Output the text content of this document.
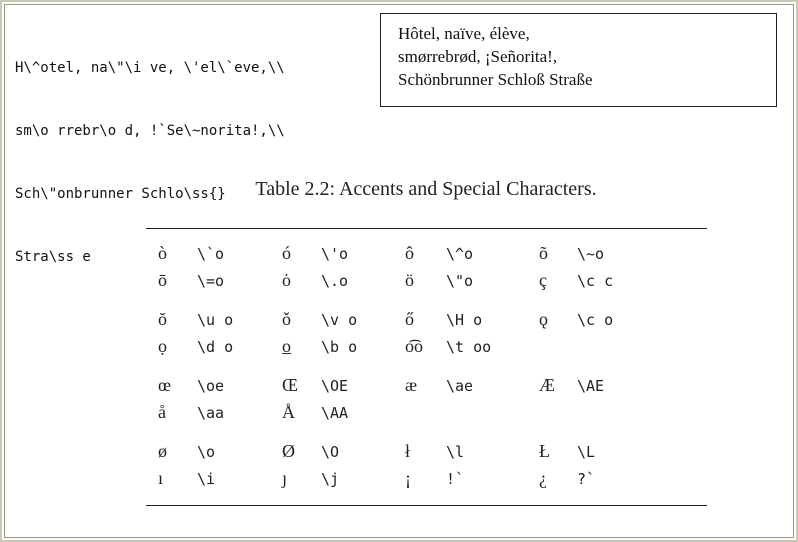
H\^otel, na\"\i ve, \'el\`eve,\\

sm\o rrebr\o d, !`Se\~norita!,\\

Sch\"onbrunner Schlo\ss{}

Stra\ss e

Hôtel, naïve, élève,
smørrebrød, ¡Señorita!,
Schönbrunner Schloß Straße
Table 2.2: Accents and Special Characters.
ò \`o	ó \'o	ô \^o	õ \~o
ō \=o	ȯ \.o	ö \"o	ç \c c
ŏ \u o	ǒ \v o	ő \H o	ǫ \c o
ọ \d o	o̲ \b o	o͡o \t oo
œ \oe	Œ \OE	æ \ae	Æ \AE
å \aa	Å \AA
ø \o	Ø \O	ł \l	Ł \L
ı \i	ȷ \j	¡ !`	¿ ?`
